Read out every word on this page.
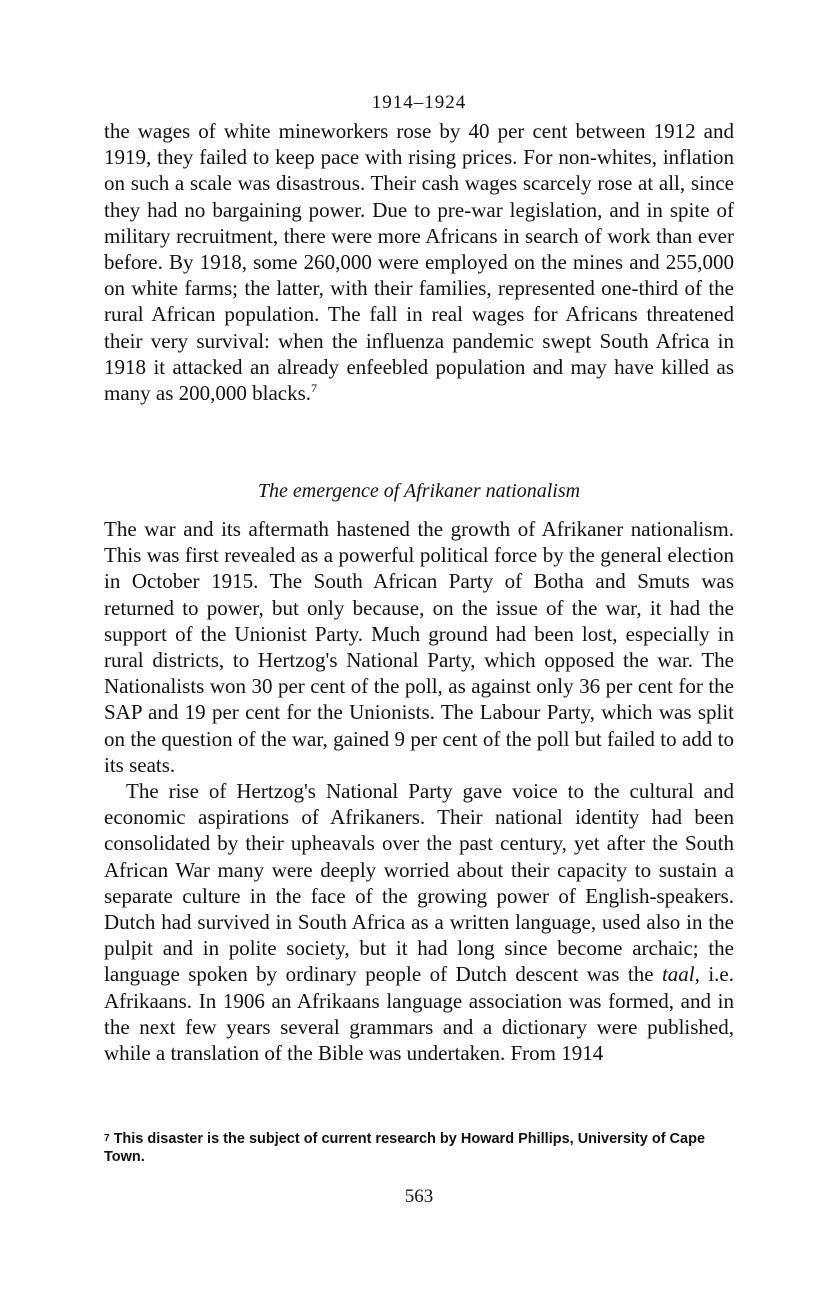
1914–1924

the wages of white mineworkers rose by 40 per cent between 1912 and 1919, they failed to keep pace with rising prices. For non-whites, inflation on such a scale was disastrous. Their cash wages scarcely rose at all, since they had no bargaining power. Due to pre-war legislation, and in spite of military recruitment, there were more Africans in search of work than ever before. By 1918, some 260,000 were employed on the mines and 255,000 on white farms; the latter, with their families, represented one-third of the rural African population. The fall in real wages for Africans threatened their very survival: when the influenza pandemic swept South Africa in 1918 it attacked an already enfeebled population and may have killed as many as 200,000 blacks.$^7$

The emergence of Afrikaner nationalism

The war and its aftermath hastened the growth of Afrikaner nationalism. This was first revealed as a powerful political force by the general election in October 1915. The South African Party of Botha and Smuts was returned to power, but only because, on the issue of the war, it had the support of the Unionist Party. Much ground had been lost, especially in rural districts, to Hertzog's National Party, which opposed the war. The Nationalists won 30 per cent of the poll, as against only 36 per cent for the SAP and 19 per cent for the Unionists. The Labour Party, which was split on the question of the war, gained 9 per cent of the poll but failed to add to its seats.

The rise of Hertzog's National Party gave voice to the cultural and economic aspirations of Afrikaners. Their national identity had been consolidated by their upheavals over the past century, yet after the South African War many were deeply worried about their capacity to sustain a separate culture in the face of the growing power of English-speakers. Dutch had survived in South Africa as a written language, used also in the pulpit and in polite society, but it had long since become archaic; the language spoken by ordinary people of Dutch descent was the taal, i.e. Afrikaans. In 1906 an Afrikaans language association was formed, and in the next few years several grammars and a dictionary were published, while a translation of the Bible was undertaken. From 1914

$^7$ This disaster is the subject of current research by Howard Phillips, University of Cape Town.
563
